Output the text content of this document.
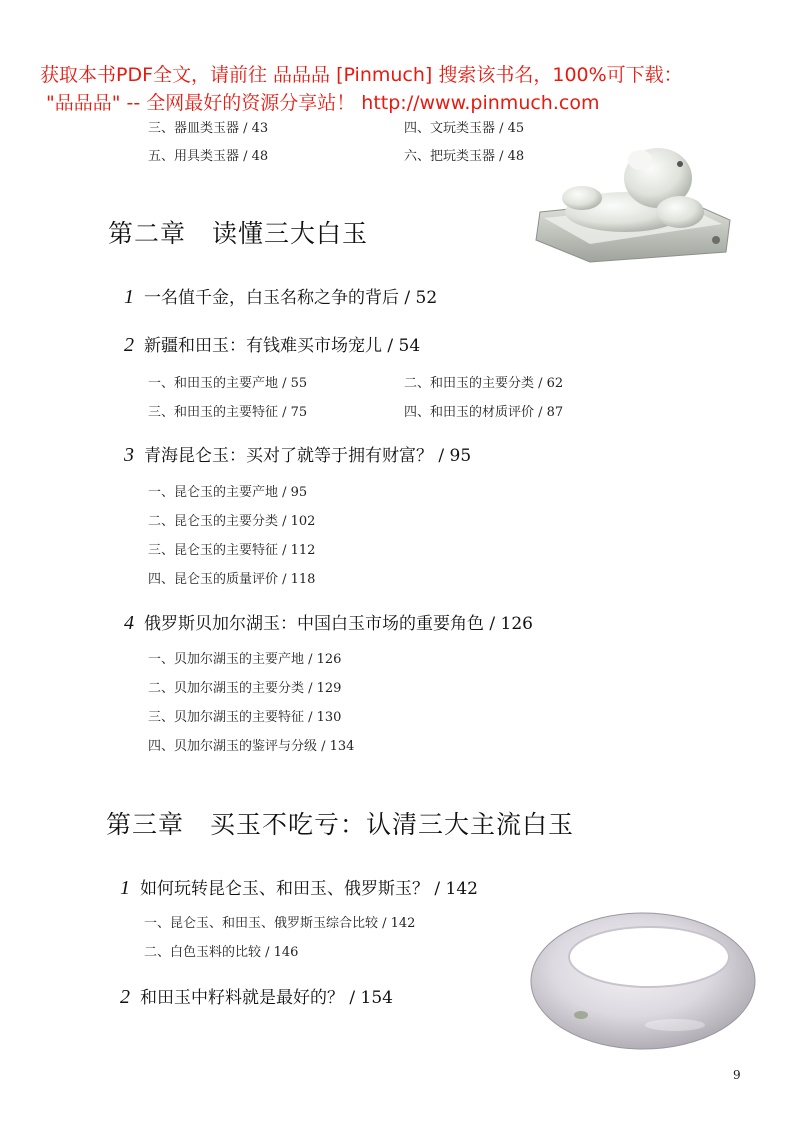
获取本书PDF全文，请前往 品品品 [Pinmuch] 搜索该书名，100%可下载：
"品品品" -- 全网最好的资源分享站！ http://www.pinmuch.com
三、器皿类玉器 / 43	四、文玩类玉器 / 45
五、用具类玉器 / 48	六、把玩类玉器 / 48
第二章 读懂三大白玉
1 一名值千金，白玉名称之争的背后 / 52
2 新疆和田玉：有钱难买市场宠儿 / 54
一、和田玉的主要产地 / 55	二、和田玉的主要分类 / 62
三、和田玉的主要特征 / 75	四、和田玉的材质评价 / 87
3 青海昆仑玉：买对了就等于拥有财富？ / 95
一、昆仑玉的主要产地 / 95
二、昆仑玉的主要分类 / 102
三、昆仑玉的主要特征 / 112
四、昆仑玉的质量评价 / 118
4 俄罗斯贝加尔湖玉：中国白玉市场的重要角色 / 126
一、贝加尔湖玉的主要产地 / 126
二、贝加尔湖玉的主要分类 / 129
三、贝加尔湖玉的主要特征 / 130
四、贝加尔湖玉的鉴评与分级 / 134
第三章 买玉不吃亏：认清三大主流白玉
1 如何玩转昆仑玉、和田玉、俄罗斯玉？ / 142
一、昆仑玉、和田玉、俄罗斯玉综合比较 / 142
二、白色玉料的比较 / 146
2 和田玉中籽料就是最好的？ / 154
9
